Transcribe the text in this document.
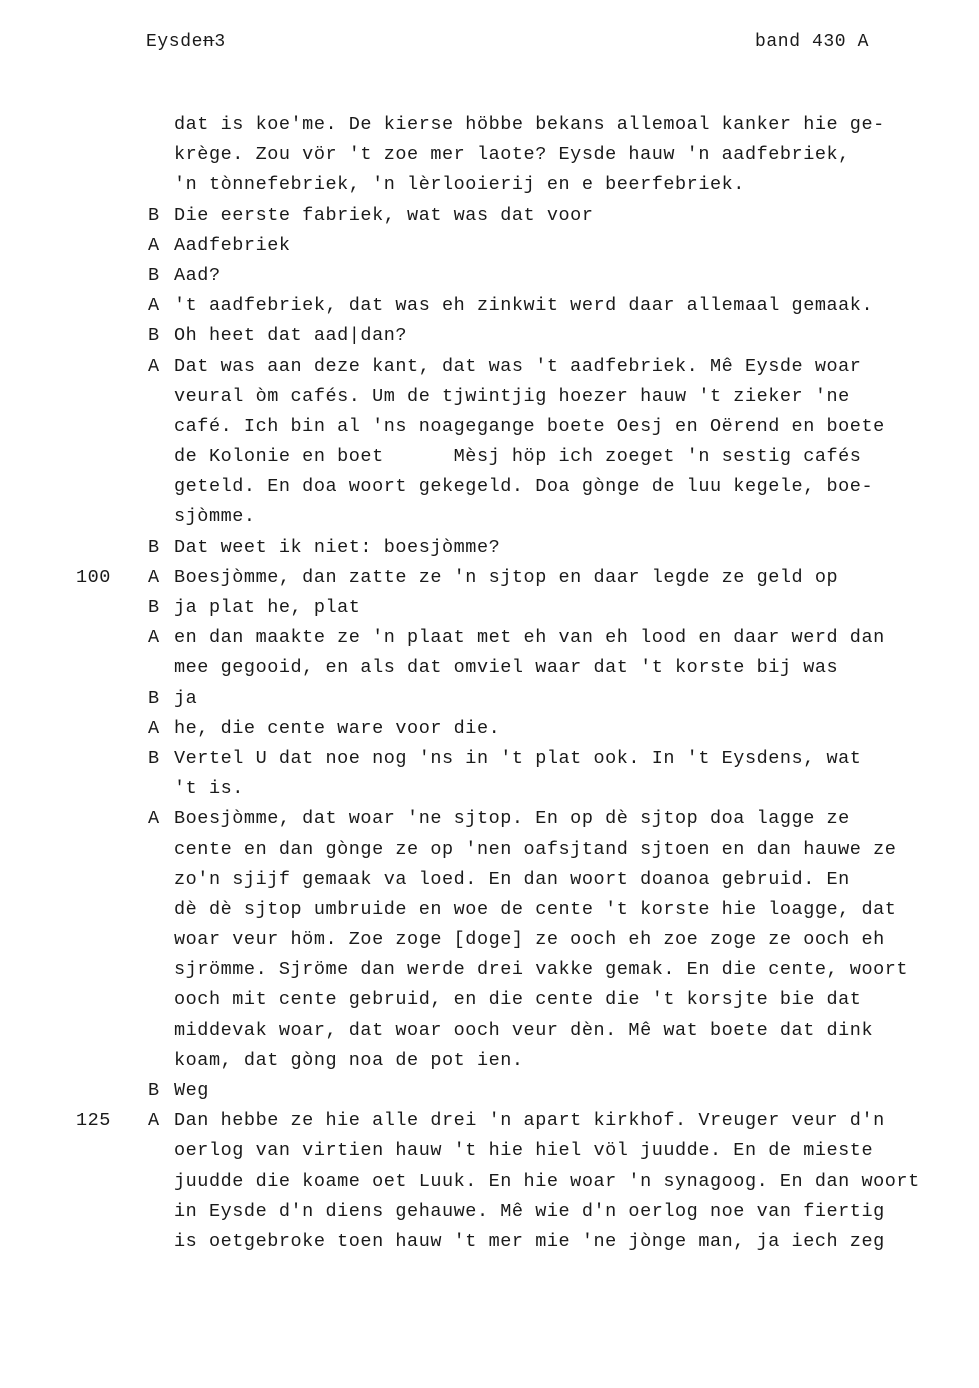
Eysden3	band 430 A
dat is koe'me. De kierse höbbe bekans allemoal kanker hie ge-
krège. Zou vör 't zoe mer laote? Eysde hauw 'n aadfebriek,
'n tònnefebriek, 'n lèrlooierij en e beerfebriek.
B Die eerste fabriek, wat was dat voor
A Aadfebriek
B Aad?
A 't aadfebriek, dat was eh zinkwit werd daar allemaal gemaak.
B Oh heet dat aad|dan?
A Dat was aan deze kant, dat was 't aadfebriek. Mê Eysde woar
veural òm cafés. Um de tjwintjig hoezer hauw 't zieker 'ne
café. Ich bin al 'ns noagegange boete Oesj en Oërend en boete
de Kolonie en boet      Mèsj höp ich zoeget 'n sestig cafés
geteld. En doa woort gekegeld. Doa gònge de luu kegele, boe-
sjòmme.
B Dat weet ik niet: boesjòmme?
100 A Boesjòmme, dan zatte ze 'n sjtop en daar legde ze geld op
B ja plat he, plat
A en dan maakte ze 'n plaat met eh van eh lood en daar werd dan
mee gegooid, en als dat omviel waar dat 't korste bij was
B ja
A he, die cente ware voor die.
B Vertel U dat noe nog 'ns in 't plat ook. In 't Eysdens, wat
't is.
A Boesjòmme, dat woar 'ne sjtop. En op dè sjtop doa lagge ze
cente en dan gònge ze op 'nen oafsjtand sjtoen en dan hauwe ze
zo'n sjijf gemaak va loed. En dan woort doanoa gebruid. En
dè dè sjtop umbruide en woe de cente 't korste hie loagge, dat
woar veur höm. Zoe zoge [doge] ze ooch eh zoe zoge ze ooch eh
sjrömme. Sjröme dan werde drei vakke gemak. En die cente, woort
ooch mit cente gebruid, en die cente die 't korsjte bie dat
middevak woar, dat woar ooch veur dèn. Mê wat boete dat dink
koam, dat gòng noa de pot ien.
B Weg
125 A Dan hebbe ze hie alle drei 'n apart kirkhof. Vreuger veur d'n
oerlog van virtien hauw 't hie hiel völ juudde. En de mieste
juudde die koame oet Luuk. En hie woar 'n synagoog. En dan woort
in Eysde d'n diens gehauwe. Mê wie d'n oerlog noe van fiertig
is oetgebroke toen hauw 't mer mie 'ne jònge man, ja iech zeg
